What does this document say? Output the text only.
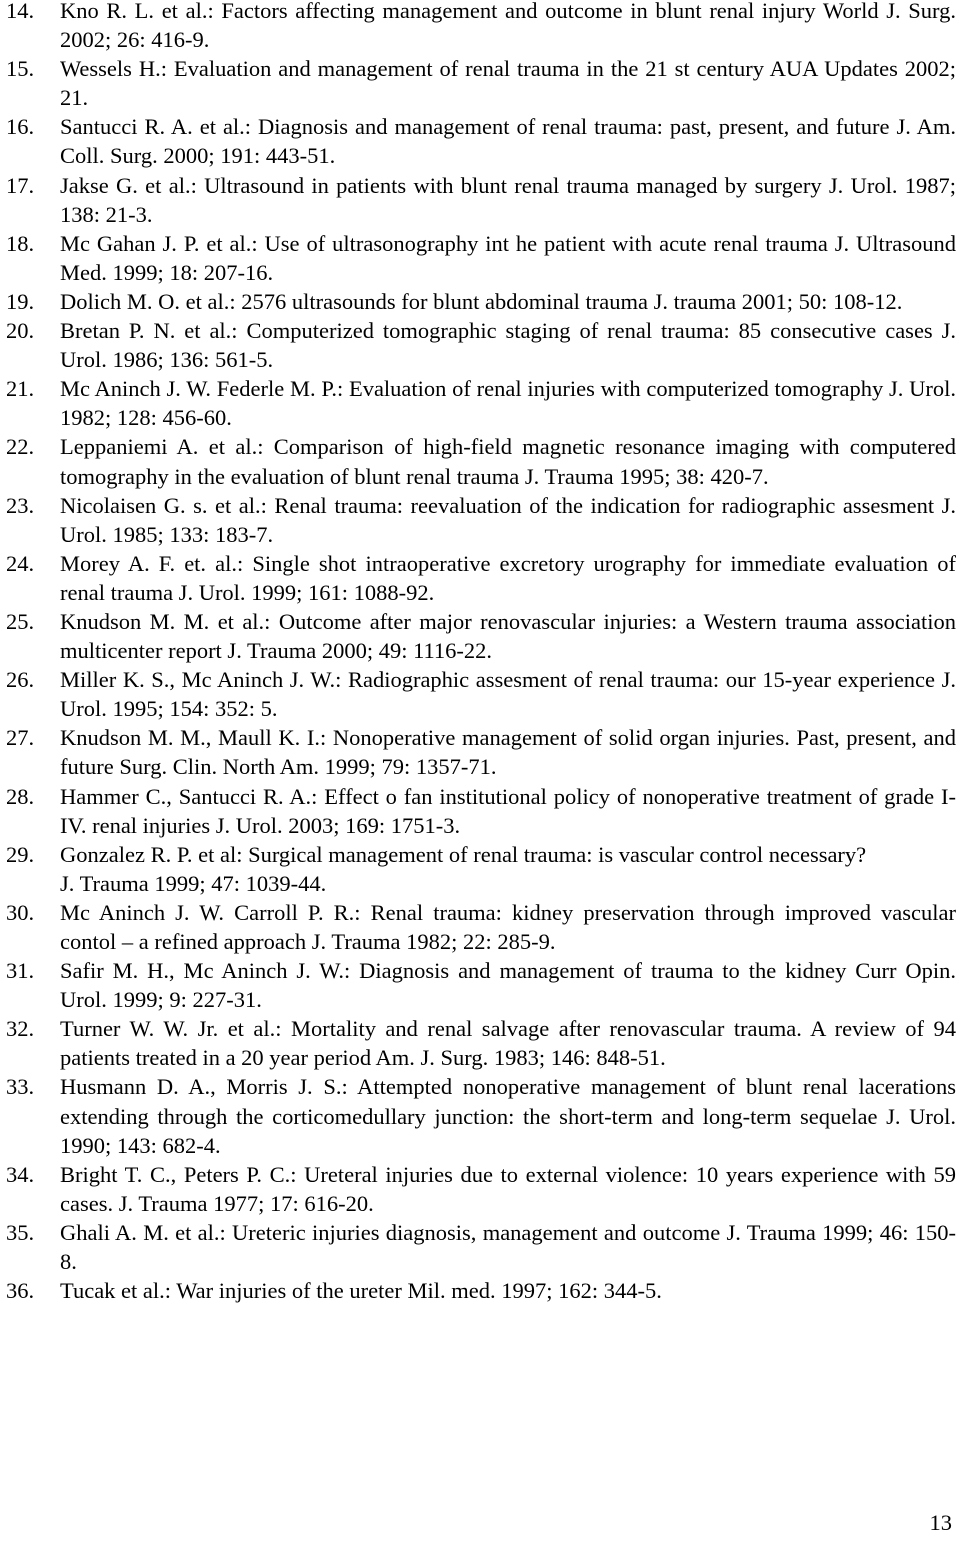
14.	Kno R. L. et al.: Factors affecting management and outcome in blunt renal injury World J. Surg. 2002; 26: 416-9.
15.	Wessels H.: Evaluation and management of renal trauma in the 21 st century AUA Updates 2002; 21.
16.	Santucci R. A. et al.: Diagnosis and management of renal trauma: past, present, and future J. Am. Coll. Surg. 2000; 191: 443-51.
17.	Jakse G. et al.: Ultrasound in patients with blunt renal trauma managed by surgery J. Urol. 1987; 138: 21-3.
18.	Mc Gahan J. P. et al.: Use of ultrasonography int he patient with acute renal trauma J. Ultrasound Med. 1999; 18: 207-16.
19.	Dolich M. O. et al.: 2576 ultrasounds for blunt abdominal trauma J. trauma 2001; 50: 108-12.
20.	Bretan P. N. et al.: Computerized tomographic staging of renal trauma: 85 consecutive cases J. Urol. 1986; 136: 561-5.
21.	Mc Aninch J. W. Federle M. P.: Evaluation of renal injuries with computerized tomography J. Urol. 1982; 128: 456-60.
22.	Leppaniemi A. et al.: Comparison of high-field magnetic resonance imaging with computered tomography in the evaluation of blunt renal trauma J. Trauma 1995; 38: 420-7.
23.	Nicolaisen G. s. et al.: Renal trauma: reevaluation of the indication for radiographic assesment J. Urol. 1985; 133: 183-7.
24.	Morey A. F. et. al.: Single shot intraoperative excretory urography for immediate evaluation of renal trauma J. Urol. 1999; 161: 1088-92.
25.	Knudson M. M. et al.: Outcome after major renovascular injuries: a Western trauma association multicenter report J. Trauma 2000; 49: 1116-22.
26.	Miller K. S., Mc Aninch J. W.: Radiographic assesment of renal trauma: our 15-year experience J. Urol. 1995; 154: 352: 5.
27.	Knudson M. M., Maull K. I.: Nonoperative management of solid organ injuries. Past, present, and future Surg. Clin. North Am. 1999; 79: 1357-71.
28.	Hammer C., Santucci R. A.: Effect o fan institutional policy of nonoperative treatment of grade I-IV. renal injuries J. Urol. 2003; 169: 1751-3.
29.	Gonzalez R. P. et al: Surgical management of renal trauma: is vascular control necessary?
J. Trauma 1999; 47: 1039-44.
30.	Mc Aninch J. W. Carroll P. R.: Renal trauma: kidney preservation through improved vascular contol – a refined approach J. Trauma 1982; 22: 285-9.
31.	Safir M. H., Mc Aninch J. W.: Diagnosis and management of trauma to the kidney Curr Opin. Urol. 1999; 9: 227-31.
32.	Turner W. W. Jr. et al.: Mortality and renal salvage after renovascular trauma. A review of 94 patients treated in a 20 year period Am. J. Surg. 1983; 146: 848-51.
33.	Husmann D. A., Morris J. S.: Attempted nonoperative management of blunt renal lacerations extending through the corticomedullary junction: the short-term and long-term sequelae J. Urol. 1990; 143: 682-4.
34.	Bright T. C., Peters P. C.: Ureteral injuries due to external violence: 10 years experience with 59 cases. J. Trauma 1977; 17: 616-20.
35.	Ghali A. M. et al.: Ureteric injuries diagnosis, management and outcome J. Trauma 1999; 46: 150-8.
36.	Tucak et al.: War injuries of the ureter Mil. med. 1997; 162: 344-5.
13
